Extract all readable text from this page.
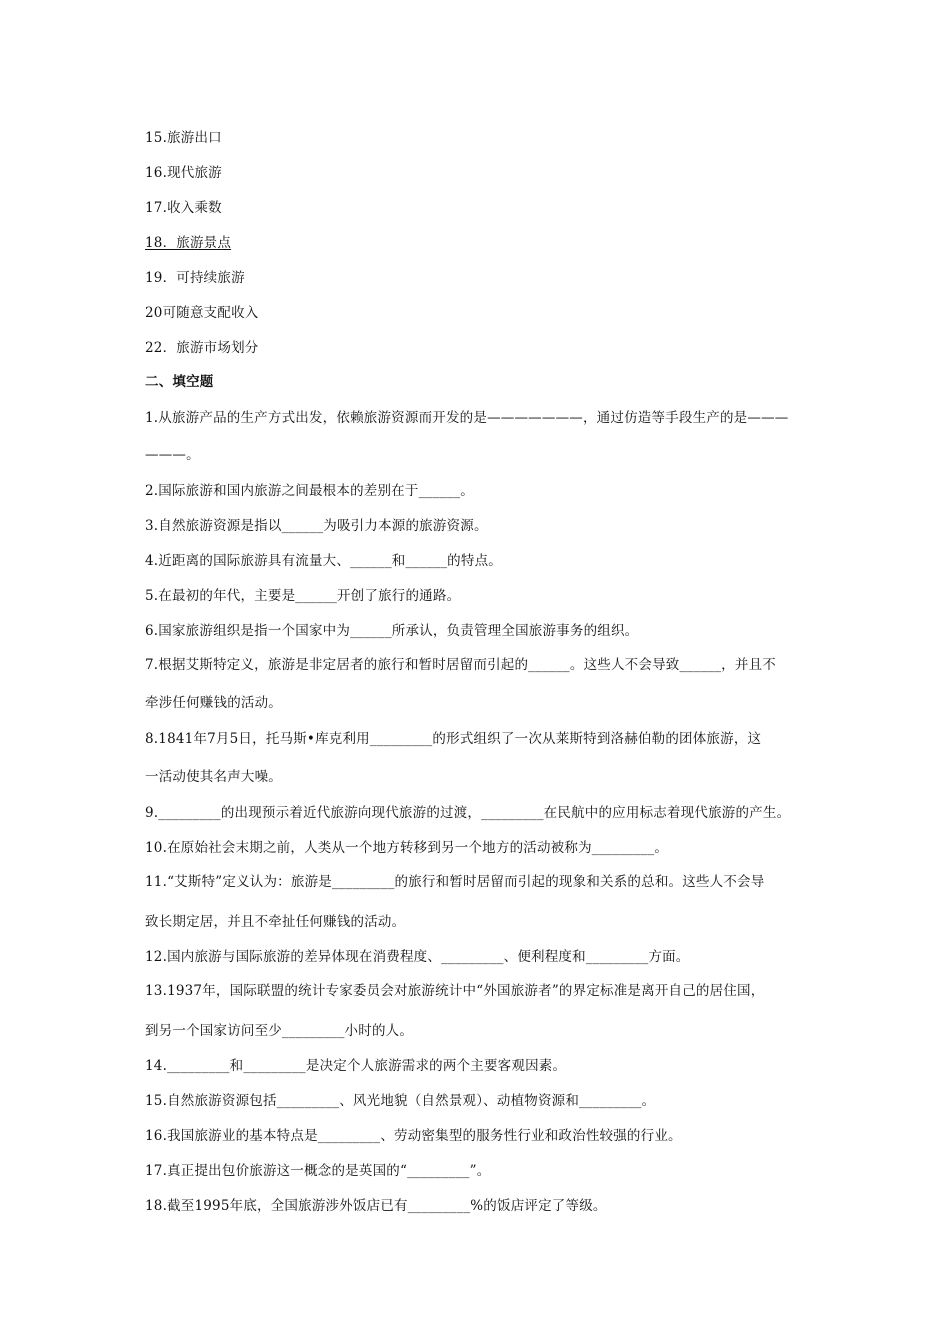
15.旅游出口
16.现代旅游
17.收入乘数
18．旅游景点
19．可持续旅游
20可随意支配收入
22．旅游市场划分
二、填空题
1.从旅游产品的生产方式出发，依赖旅游资源而开发的是———————，通过仿造等手段生产的是———
———。
2.国际旅游和国内旅游之间最根本的差别在于______。
3.自然旅游资源是指以______为吸引力本源的旅游资源。
4.近距离的国际旅游具有流量大、______和______的特点。
5.在最初的年代，主要是______开创了旅行的通路。
6.国家旅游组织是指一个国家中为______所承认，负责管理全国旅游事务的组织。
7.根据艾斯特定义，旅游是非定居者的旅行和暂时居留而引起的______。这些人不会导致______，并且不
牵涉任何赚钱的活动。
8.1841年7月5日，托马斯•库克利用_________的形式组织了一次从莱斯特到洛赫伯勒的团体旅游，这
一活动使其名声大噪。
9._________的出现预示着近代旅游向现代旅游的过渡，_________在民航中的应用标志着现代旅游的产生。
10.在原始社会末期之前，人类从一个地方转移到另一个地方的活动被称为_________。
11.“艾斯特”定义认为：旅游是_________的旅行和暂时居留而引起的现象和关系的总和。这些人不会导
致长期定居，并且不牵扯任何赚钱的活动。
12.国内旅游与国际旅游的差异体现在消费程度、_________、便利程度和_________方面。
13.1937年，国际联盟的统计专家委员会对旅游统计中“外国旅游者”的界定标准是离开自己的居住国，
到另一个国家访问至少_________小时的人。
14._________和_________是决定个人旅游需求的两个主要客观因素。
15.自然旅游资源包括_________、风光地貌（自然景观）、动植物资源和_________。
16.我国旅游业的基本特点是_________、劳动密集型的服务性行业和政治性较强的行业。
17.真正提出包价旅游这一概念的是英国的“_________”。
18.截至1995年底，全国旅游涉外饭店已有_________%的饭店评定了等级。
